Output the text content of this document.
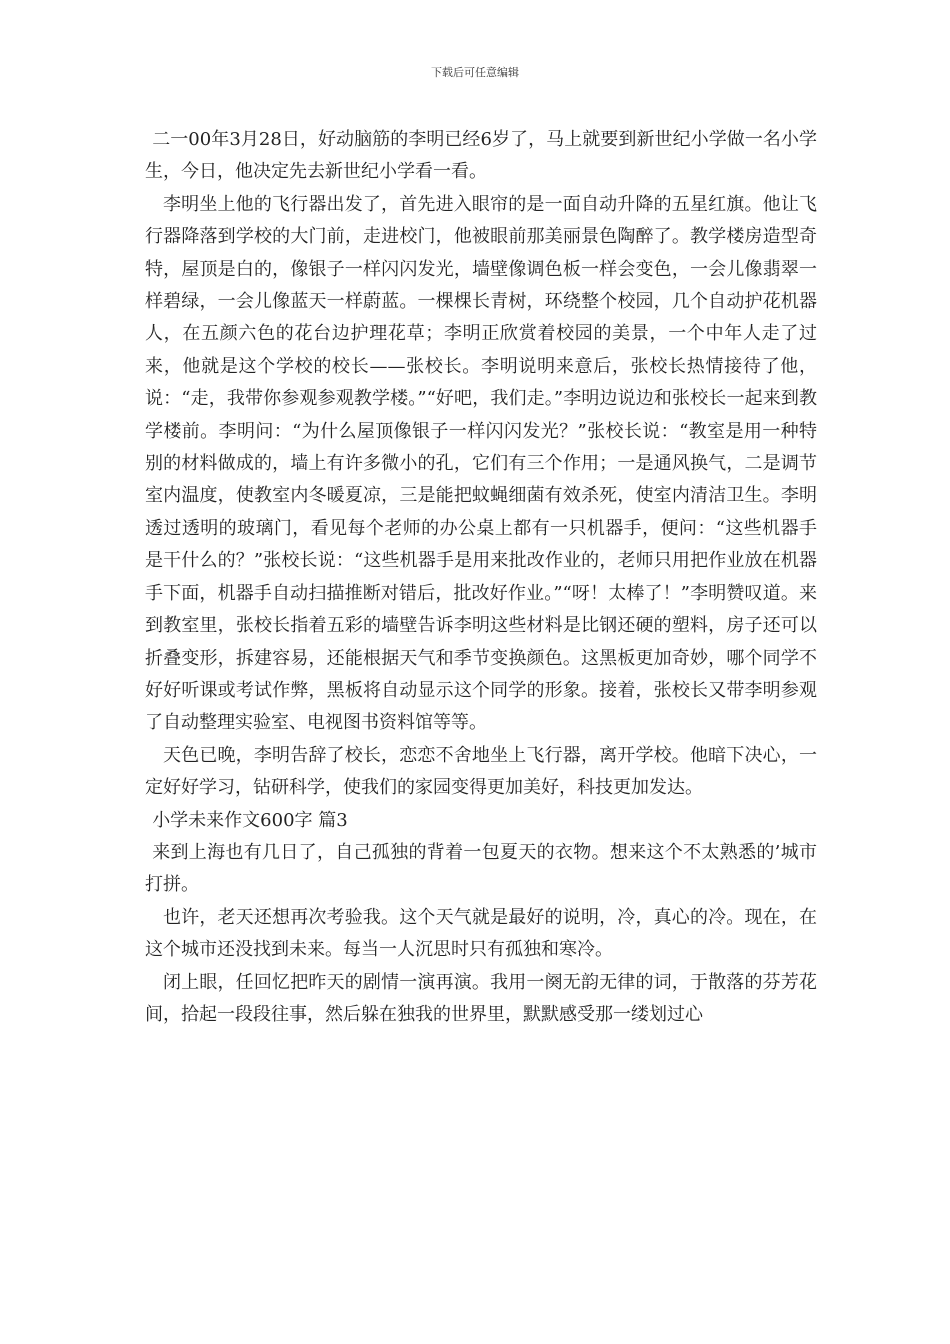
下载后可任意编辑

二一00年3月28日，好动脑筋的李明已经6岁了，马上就要到新世纪小学做一名小学生，今日，他决定先去新世纪小学看一看。

李明坐上他的飞行器出发了，首先进入眼帘的是一面自动升降的五星红旗。他让飞行器降落到学校的大门前，走进校门，他被眼前那美丽景色陶醉了。教学楼房造型奇特，屋顶是白的，像银子一样闪闪发光，墙壁像调色板一样会变色，一会儿像翡翠一样碧绿，一会儿像蓝天一样蔚蓝。一棵棵长青树，环绕整个校园，几个自动护花机器人，在五颜六色的花台边护理花草；李明正欣赏着校园的美景，一个中年人走了过来，他就是这个学校的校长——张校长。李明说明来意后，张校长热情接待了他，说：“走，我带你参观参观教学楼。”“好吧，我们走。”李明边说边和张校长一起来到教学楼前。李明问：“为什么屋顶像银子一样闪闪发光？”张校长说：“教室是用一种特别的材料做成的，墙上有许多微小的孔，它们有三个作用；一是通风换气，二是调节室内温度，使教室内冬暖夏凉，三是能把蚊蝇细菌有效杀死，使室内清洁卫生。李明透过透明的玻璃门，看见每个老师的办公桌上都有一只机器手，便问：“这些机器手是干什么的？”张校长说：“这些机器手是用来批改作业的，老师只用把作业放在机器手下面，机器手自动扫描推断对错后，批改好作业。”“呀！太棒了！”李明赞叹道。来到教室里，张校长指着五彩的墙壁告诉李明这些材料是比钢还硬的塑料，房子还可以折叠变形，拆建容易，还能根据天气和季节变换颜色。这黑板更加奇妙，哪个同学不好好听课或考试作弊，黑板将自动显示这个同学的形象。接着，张校长又带李明参观了自动整理实验室、电视图书资料馆等等。

天色已晚，李明告辞了校长，恋恋不舍地坐上飞行器，离开学校。他暗下决心，一定好好学习，钻研科学，使我们的家园变得更加美好，科技更加发达。

小学未来作文600字 篇3

来到上海也有几日了，自己孤独的背着一包夏天的衣物。想来这个不太熟悉的’城市打拼。

也许，老天还想再次考验我。这个天气就是最好的说明，冷，真心的冷。现在，在这个城市还没找到未来。每当一人沉思时只有孤独和寒冷。

闭上眼，任回忆把昨天的剧情一演再演。我用一阕无韵无律的词，于散落的芬芳花间，拾起一段段往事，然后躲在独我的世界里，默默感受那一缕划过心
